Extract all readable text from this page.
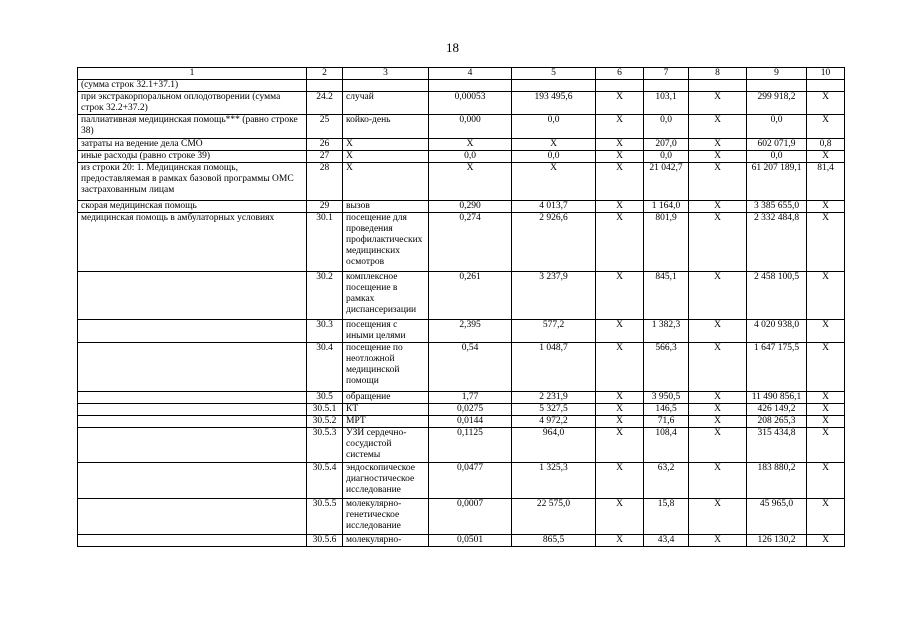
18
1	2	3	4	5	6	7	8	9	10
(сумма строк 32.1+37.1)									
при экстракорпоральном оплодотворении (сумма строк 32.2+37.2)	24.2	случай	0,00053	193 495,6	X	103,1	X	299 918,2	X
паллиативная медицинская помощь*** (равно строке 38)	25	койко-день	0,000	0,0	X	0,0	X	0,0	X
затраты на ведение дела СМО	26	X	X	X	X	207,0	X	602 071,9	0,8
иные расходы (равно строке 39)	27	X	0,0	0,0	X	0,0	X	0,0	X
из строки 20: 1. Медицинская помощь, предоставляемая в рамках базовой программы ОМС застрахованным лицам	28	X	X	X	X	21 042,7	X	61 207 189,1	81,4
скорая медицинская помощь	29	вызов	0,290	4 013,7	X	1 164,0	X	3 385 655,0	X
медицинская помощь в амбулаторных условиях	30.1	посещение для проведения профилактических медицинских осмотров	0,274	2 926,6	X	801,9	X	2 332 484,8	X
	30.2	комплексное посещение в рамках диспансеризации	0,261	3 237,9	X	845,1	X	2 458 100,5	X
	30.3	посещения с иными целями	2,395	577,2	X	1 382,3	X	4 020 938,0	X
	30.4	посещение по неотложной медицинской помощи	0,54	1 048,7	X	566,3	X	1 647 175,5	X
	30.5	обращение	1,77	2 231,9	X	3 950,5	X	11 490 856,1	X
	30.5.1	КТ	0,0275	5 327,5	X	146,5	X	426 149,2	X
	30.5.2	МРТ	0,0144	4 972,2	X	71,6	X	208 265,3	X
	30.5.3	УЗИ сердечно-сосудистой системы	0,1125	964,0	X	108,4	X	315 434,8	X
	30.5.4	эндоскопическое диагностическое исследование	0,0477	1 325,3	X	63,2	X	183 880,2	X
	30.5.5	молекулярно-генетическое исследование	0,0007	22 575,0	X	15,8	X	45 965,0	X
	30.5.6	молекулярно-	0,0501	865,5	X	43,4	X	126 130,2	X
